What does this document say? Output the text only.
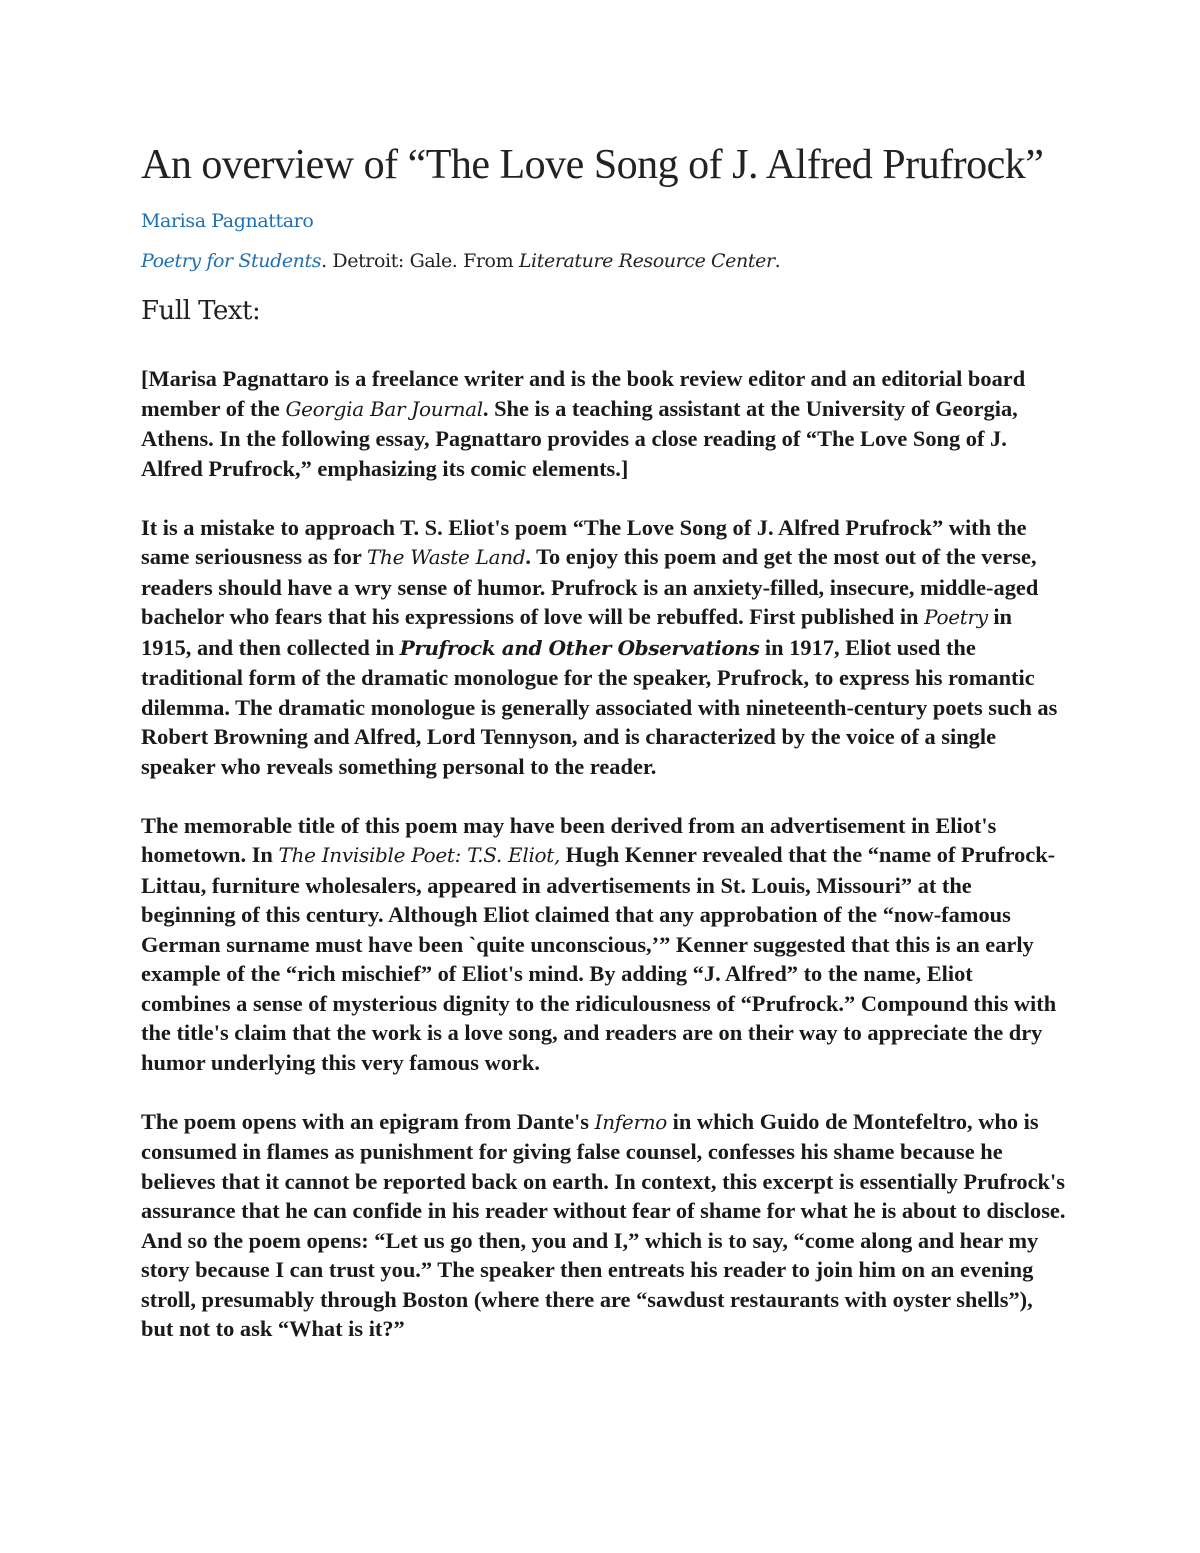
An overview of “The Love Song of J. Alfred Prufrock”
Marisa Pagnattaro
Poetry for Students. Detroit: Gale. From Literature Resource Center.
Full Text:

[Marisa Pagnattaro is a freelance writer and is the book review editor and an editorial board member of the Georgia Bar Journal. She is a teaching assistant at the University of Georgia, Athens. In the following essay, Pagnattaro provides a close reading of “The Love Song of J. Alfred Prufrock,” emphasizing its comic elements.]

It is a mistake to approach T. S. Eliot's poem “The Love Song of J. Alfred Prufrock” with the same seriousness as for The Waste Land. To enjoy this poem and get the most out of the verse, readers should have a wry sense of humor. Prufrock is an anxiety-filled, insecure, middle-aged bachelor who fears that his expressions of love will be rebuffed. First published in Poetry in 1915, and then collected in Prufrock and Other Observations in 1917, Eliot used the traditional form of the dramatic monologue for the speaker, Prufrock, to express his romantic dilemma. The dramatic monologue is generally associated with nineteenth-century poets such as Robert Browning and Alfred, Lord Tennyson, and is characterized by the voice of a single speaker who reveals something personal to the reader.

The memorable title of this poem may have been derived from an advertisement in Eliot's hometown. In The Invisible Poet: T.S. Eliot, Hugh Kenner revealed that the “name of Prufrock-Littau, furniture wholesalers, appeared in advertisements in St. Louis, Missouri” at the beginning of this century. Although Eliot claimed that any approbation of the “now-famous German surname must have been `quite unconscious,’” Kenner suggested that this is an early example of the “rich mischief” of Eliot's mind. By adding “J. Alfred” to the name, Eliot combines a sense of mysterious dignity to the ridiculousness of “Prufrock.” Compound this with the title's claim that the work is a love song, and readers are on their way to appreciate the dry humor underlying this very famous work.

The poem opens with an epigram from Dante's Inferno in which Guido de Montefeltro, who is consumed in flames as punishment for giving false counsel, confesses his shame because he believes that it cannot be reported back on earth. In context, this excerpt is essentially Prufrock's assurance that he can confide in his reader without fear of shame for what he is about to disclose. And so the poem opens: “Let us go then, you and I,” which is to say, “come along and hear my story because I can trust you.” The speaker then entreats his reader to join him on an evening stroll, presumably through Boston (where there are “sawdust restaurants with oyster shells”), but not to ask “What is it?”
